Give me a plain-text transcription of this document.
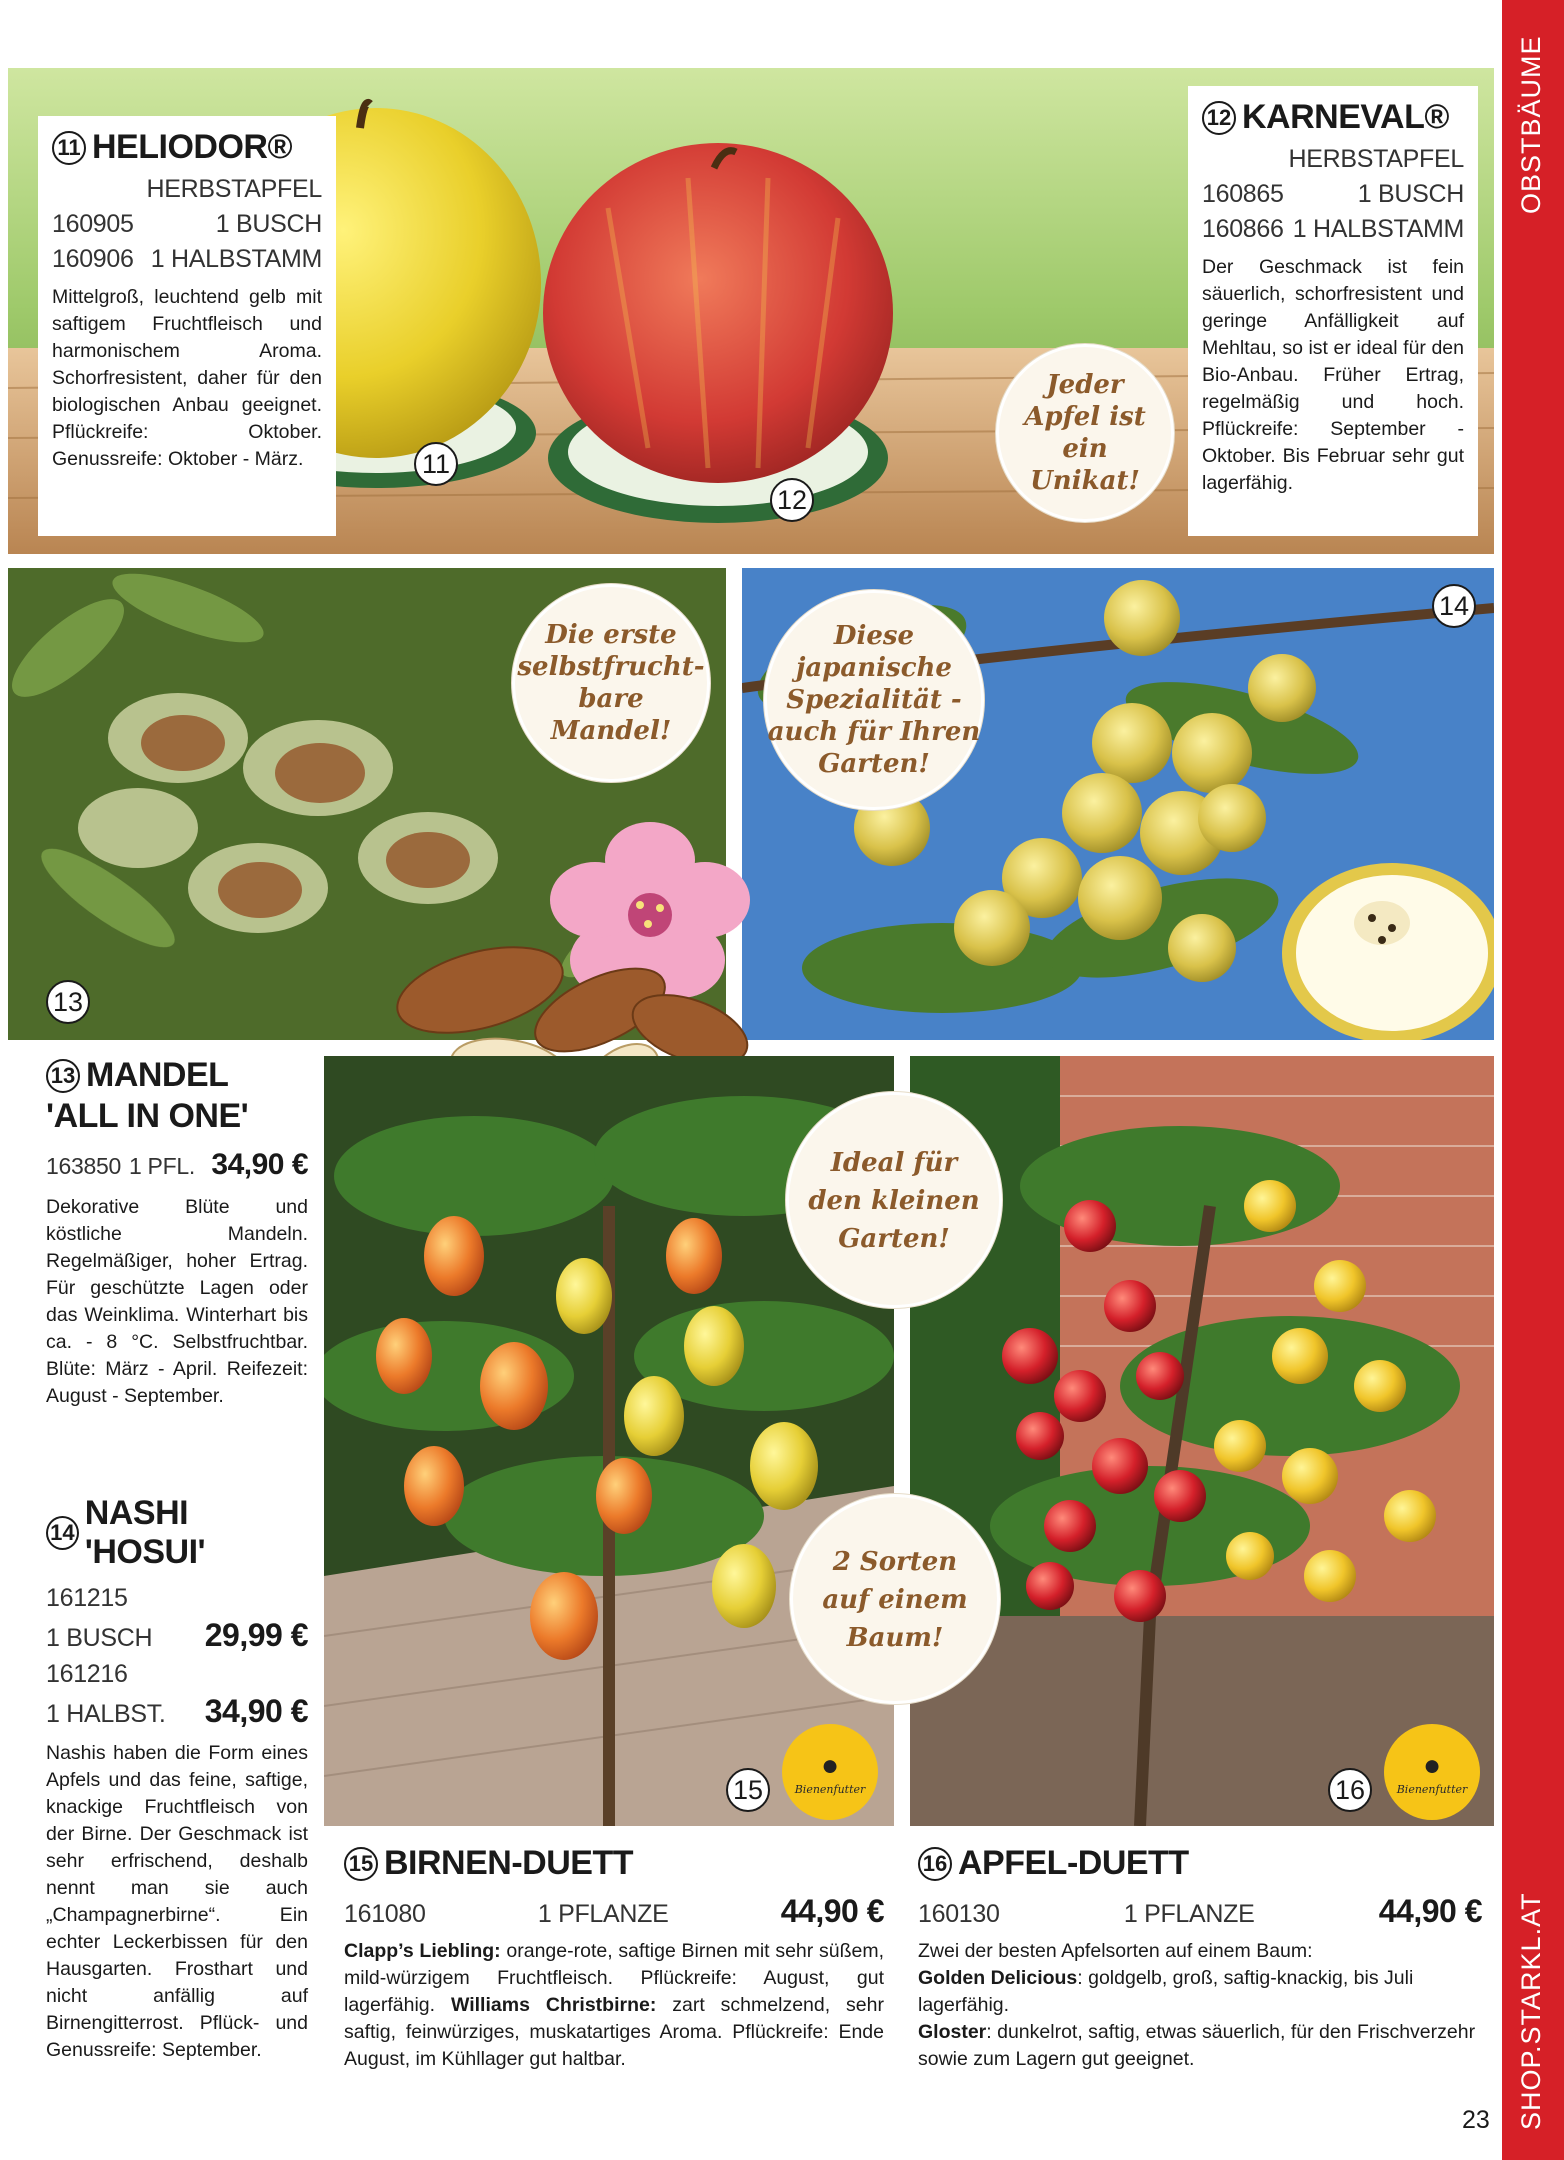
OBSTBÄUME
SHOP.STARKL.AT
11 HELIODOR®
HERBSTAPFEL
160905	1 BUSCH
160906 1 HALBSTAMM
Mittelgroß, leuchtend gelb mit saftigem Fruchtfleisch und harmonischem Aroma. Schorfresistent, daher für den biologischen Anbau geeignet. Pflückreife: Oktober. Genussreife: Oktober - März.
12 KARNEVAL®
HERBSTAPFEL
160865	1 BUSCH
160866 1 HALBSTAMM
Der Geschmack ist fein säuerlich, schorfresistent und geringe Anfälligkeit auf Mehltau, so ist er ideal für den Bio-Anbau. Früher Ertrag, regelmäßig und hoch. Pflückreife: September - Oktober. Bis Februar sehr gut lagerfähig.
11
12
Jeder
Apfel ist ein
Unikat!
13
14
Die erste
selbstfrucht-
bare
Mandel!
Diese
japanische
Spezialität -
auch für Ihren
Garten!
13 MANDEL
'ALL IN ONE'
163850 1 PFL. 34,90 €
Dekorative Blüte und köstliche Mandeln. Regelmäßiger, hoher Ertrag. Für geschützte Lagen oder das Weinklima. Winterhart bis ca. - 8 °C. Selbstfruchtbar. Blüte: März - April. Reifezeit: August - September.
14
NASHI 'HOSUI'
161215
1 BUSCH 29,99 €
161216
1 HALBST. 34,90 €
Nashis haben die Form eines Apfels und das feine, saftige, knackige Fruchtfleisch von der Birne. Der Geschmack ist sehr erfrischend, deshalb nennt man sie auch „Champagnerbirne“. Ein echter Leckerbissen für den Hausgarten. Frosthart und nicht anfällig auf Birnengitterrost. Pflück- und Genussreife: September.
15
●
Bienenfutter	16
●
Bienenfutter
Ideal für
den kleinen
Garten!
2 Sorten
auf einem
Baum!
15 BIRNEN-DUETT
161080	1 PFLANZE	44,90 €
Clapp’s Liebling: orange-rote, saftige Birnen mit sehr süßem, mild-würzigem Fruchtfleisch. Pflückreife: August, gut lagerfähig. Williams Christbirne: zart schmelzend, sehr saftig, feinwürziges, muskatartiges Aroma. Pflückreife: Ende August, im Kühllager gut haltbar.
16 APFEL-DUETT
160130	1 PFLANZE	44,90 €
Zwei der besten Apfelsorten auf einem Baum:
Golden Delicious: goldgelb, groß, saftig-knackig, bis Juli lagerfähig.
Gloster: dunkelrot, saftig, etwas säuerlich, für den Frischverzehr sowie zum Lagern gut geeignet.
23
